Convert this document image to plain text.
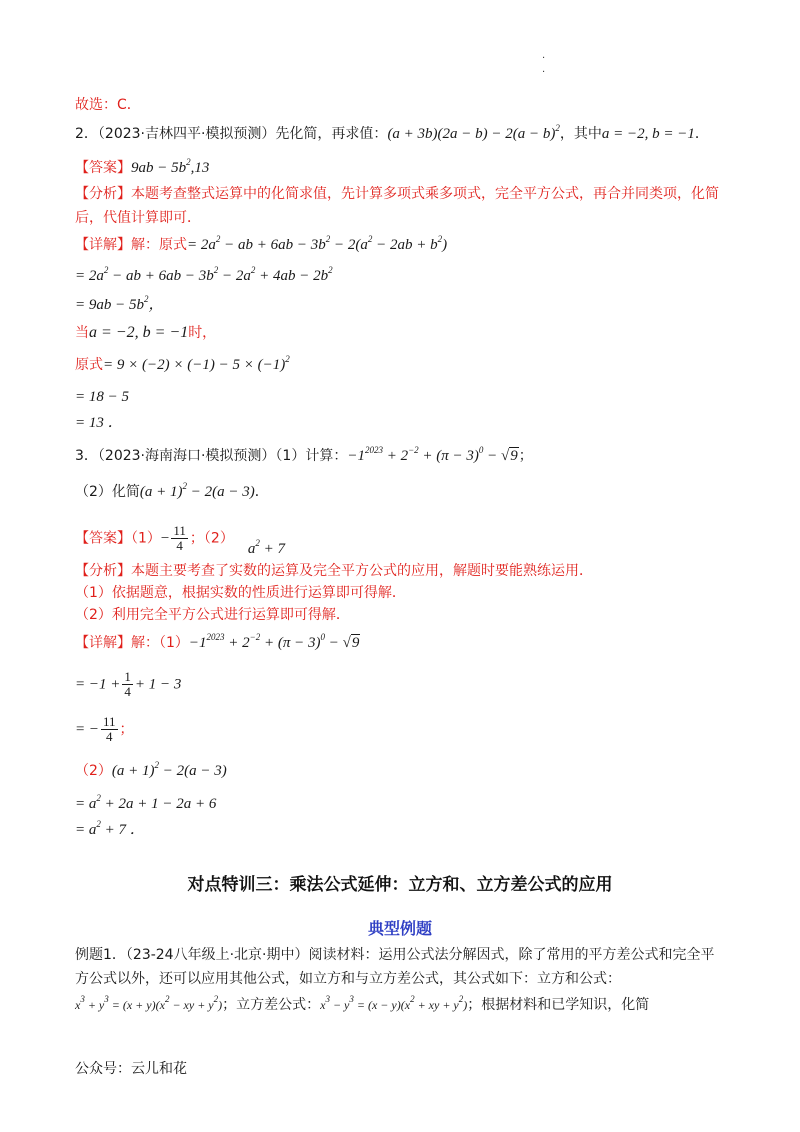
·
·
故选：C．
2．（2023·吉林四平·模拟预测）先化简，再求值：$(a + 3b)(2a - b) - 2(a - b)^2$，其中a = −2, b = −1．
【答案】$9ab - 5b^2,13$
【分析】本题考查整式运算中的化简求值，先计算多项式乘多项式，完全平方公式，再合并同类项，化简
后，代值计算即可．
【详解】解：原式= $2a^2$ − ab + $6ab - 3b^2 - 2(a^2 - 2ab + b^2)$
= $2a^2$ − ab + $6ab - 3b^2 - 2a^2 + 4ab - 2b^2$
= $9ab - 5b^2$，
当a = −2, b = −1时，
原式= $9 \times (-2) \times (-1) - 5 \times (-1)^2$
= 18 − 5
= 13 ．
3．（2023·海南海口·模拟预测）（1）计算：$-1^{2023} + 2^{-2} + (\pi - 3)^0 - √9$；
（2）化简$(a + 1)^2 - 2(a - 3)$．
【答案】$(1)- \frac{11}{4}$ ；$(2)a^2 + 7$
【分析】本题主要考查了实数的运算及完全平方公式的应用，解题时要能熟练运用．
（1）依据题意，根据实数的性质进行运算即可得解．
（2）利用完全平方公式进行运算即可得解．
【详解】解：$(1)-1^{2023} + 2^{-2} + (\pi - 3)^0 - √9$
= $-1 + \frac{1}{4} + 1 - 3$
= − $\frac{11}{4}$ ；
$(2)(a + 1)^2 - 2(a - 3)$
= $a^2 + 2a + 1 - 2a + 6$
= $a^2 + 7$ ．
对点特训三：乘法公式延伸：立方和、立方差公式的应用
典型例题
例题1．（23-24八年级上·北京·期中）阅读材料：运用公式法分解因式，除了常用的平方差公式和完全平
方公式以外，还可以应用其他公式，如立方和与立方差公式，其公式如下：立方和公式：
$x^3 + y^3 = (x + y)(x^2$ − xy + $y^2$)；立方差公式：$x^3 - y^3 = (x - y)(x^2$ + xy + $y^2$)；根据材料和已学知识，化简
公众号：云儿和花
